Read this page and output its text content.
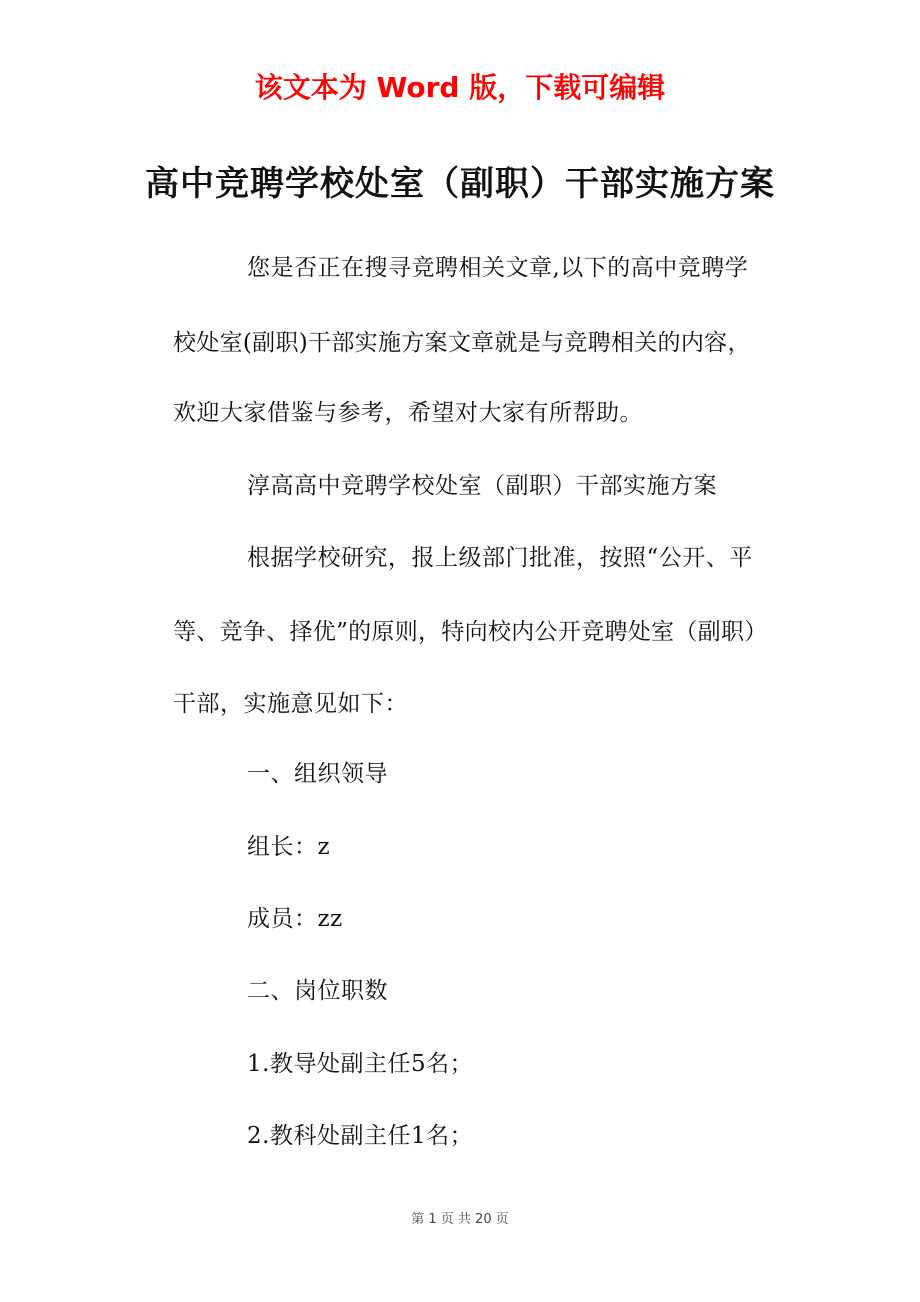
该文本为 Word 版，下载可编辑
高中竞聘学校处室（副职）干部实施方案
您是否正在搜寻竞聘相关文章,以下的高中竞聘学
校处室(副职)干部实施方案文章就是与竞聘相关的内容，
欢迎大家借鉴与参考，希望对大家有所帮助。
淳高高中竞聘学校处室（副职）干部实施方案
根据学校研究，报上级部门批准，按照“公开、平
等、竞争、择优”的原则，特向校内公开竞聘处室（副职）
干部，实施意见如下：
一、组织领导
组长：z
成员：zz
二、岗位职数
1.教导处副主任5名；
2.教科处副主任1名；
第 1 页 共 20 页
